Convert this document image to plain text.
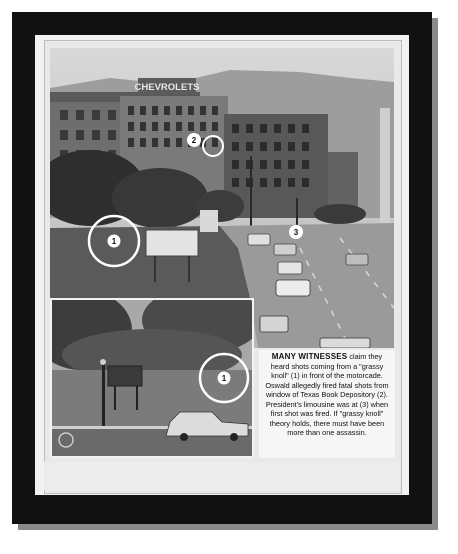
CHEVROLETS
1
2
3
1
MANY WITNESSES claim they heard shots coming from a "grassy knoll" (1) in front of the motorcade. Oswald allegedly fired fatal shots from window of Texas Book Depository (2). President's limousine was at (3) when first shot was fired. If "grassy knoll" theory holds, there must have been more than one assassin.
